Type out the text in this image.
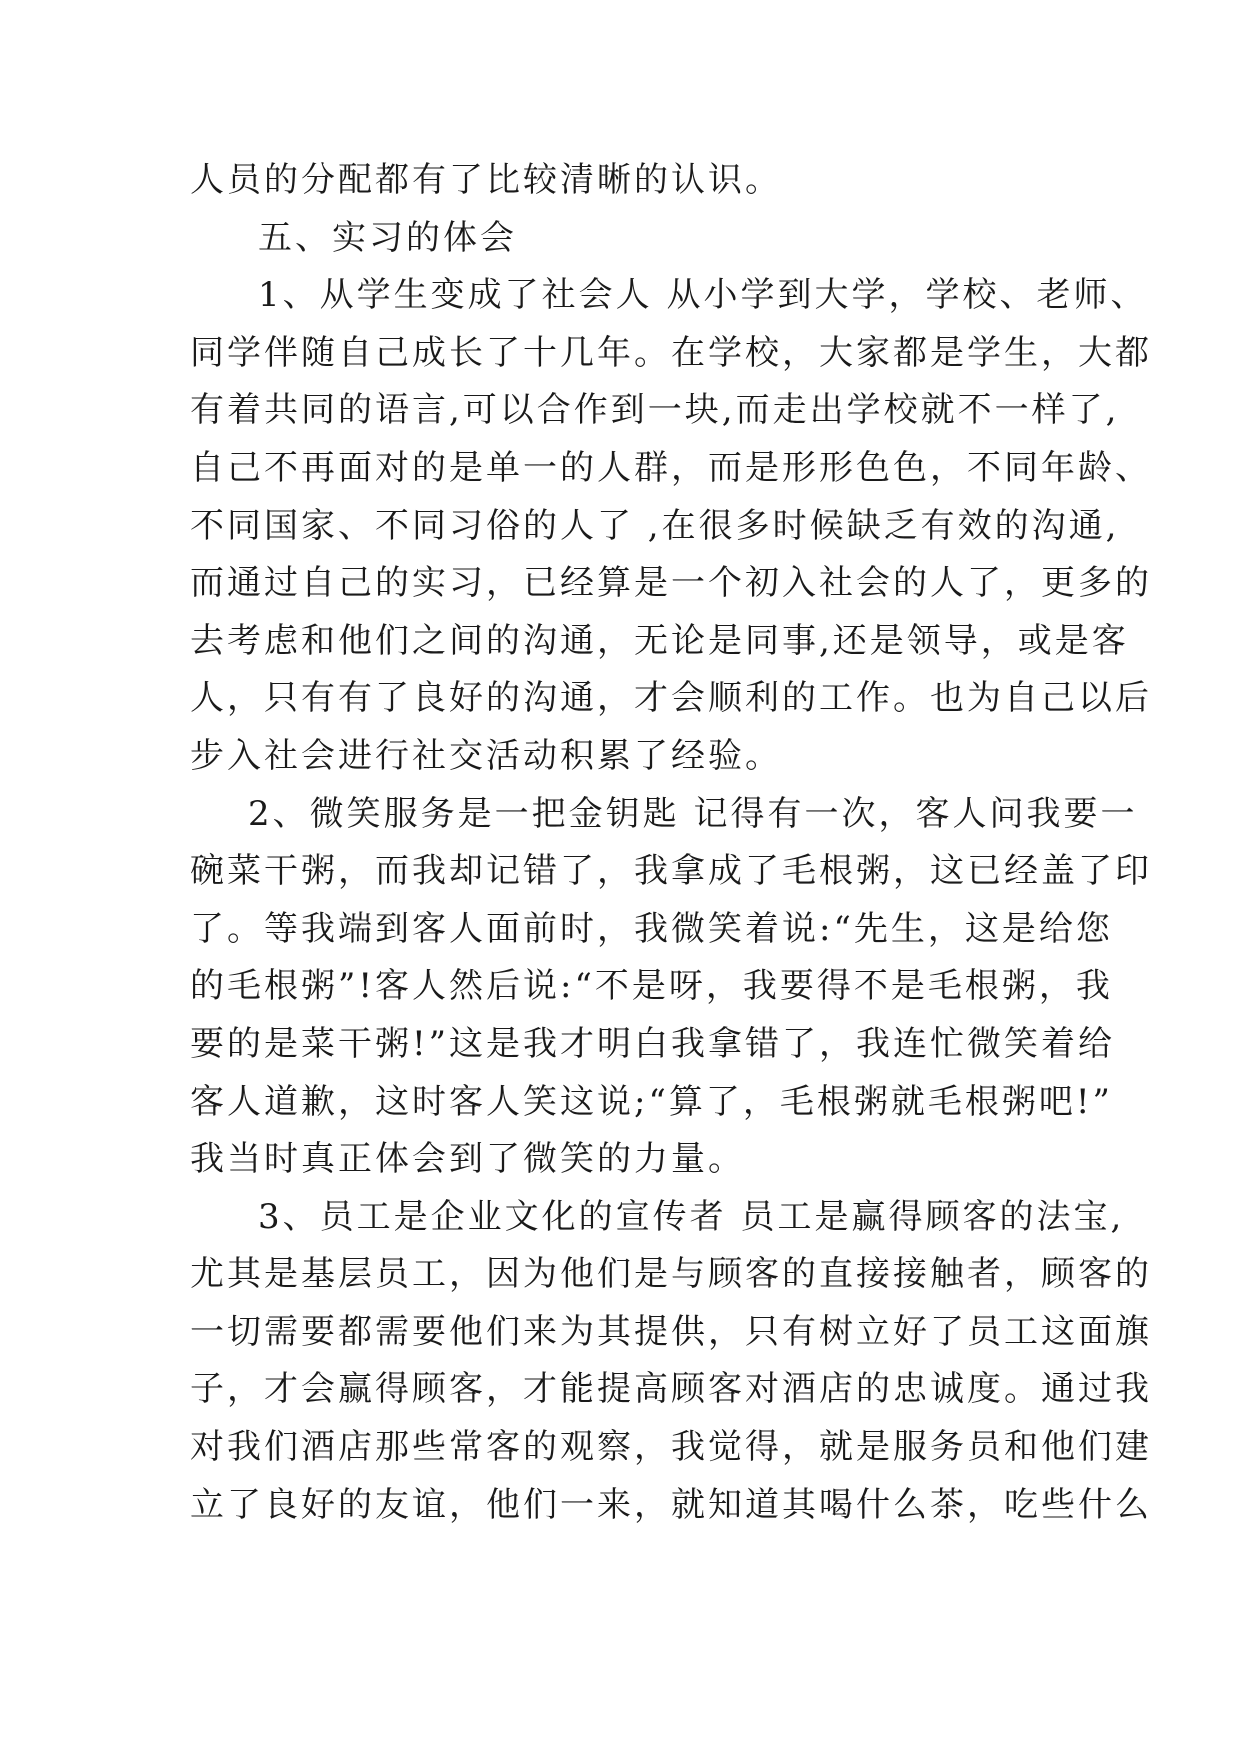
人员的分配都有了比较清晰的认识。
五、实习的体会
1、从学生变成了社会人 从小学到大学，学校、老师、
同学伴随自己成长了十几年。在学校，大家都是学生，大都
有着共同的语言,可以合作到一块,而走出学校就不一样了,
自己不再面对的是单一的人群，而是形形色色，不同年龄、
不同国家、不同习俗的人了 ,在很多时候缺乏有效的沟通,
而通过自己的实习，已经算是一个初入社会的人了，更多的
去考虑和他们之间的沟通，无论是同事,还是领导，或是客
人，只有有了良好的沟通，才会顺利的工作。也为自己以后
步入社会进行社交活动积累了经验。
2、微笑服务是一把金钥匙 记得有一次，客人问我要一
碗菜干粥，而我却记错了，我拿成了毛根粥，这已经盖了印
了。等我端到客人面前时，我微笑着说:“先生，这是给您
的毛根粥”!客人然后说:“不是呀，我要得不是毛根粥，我
要的是菜干粥!”这是我才明白我拿错了，我连忙微笑着给
客人道歉，这时客人笑这说;“算了，毛根粥就毛根粥吧!”
我当时真正体会到了微笑的力量。
3、员工是企业文化的宣传者 员工是赢得顾客的法宝,
尤其是基层员工，因为他们是与顾客的直接接触者，顾客的
一切需要都需要他们来为其提供，只有树立好了员工这面旗
子，才会赢得顾客，才能提高顾客对酒店的忠诚度。通过我
对我们酒店那些常客的观察，我觉得，就是服务员和他们建
立了良好的友谊，他们一来，就知道其喝什么茶，吃些什么
